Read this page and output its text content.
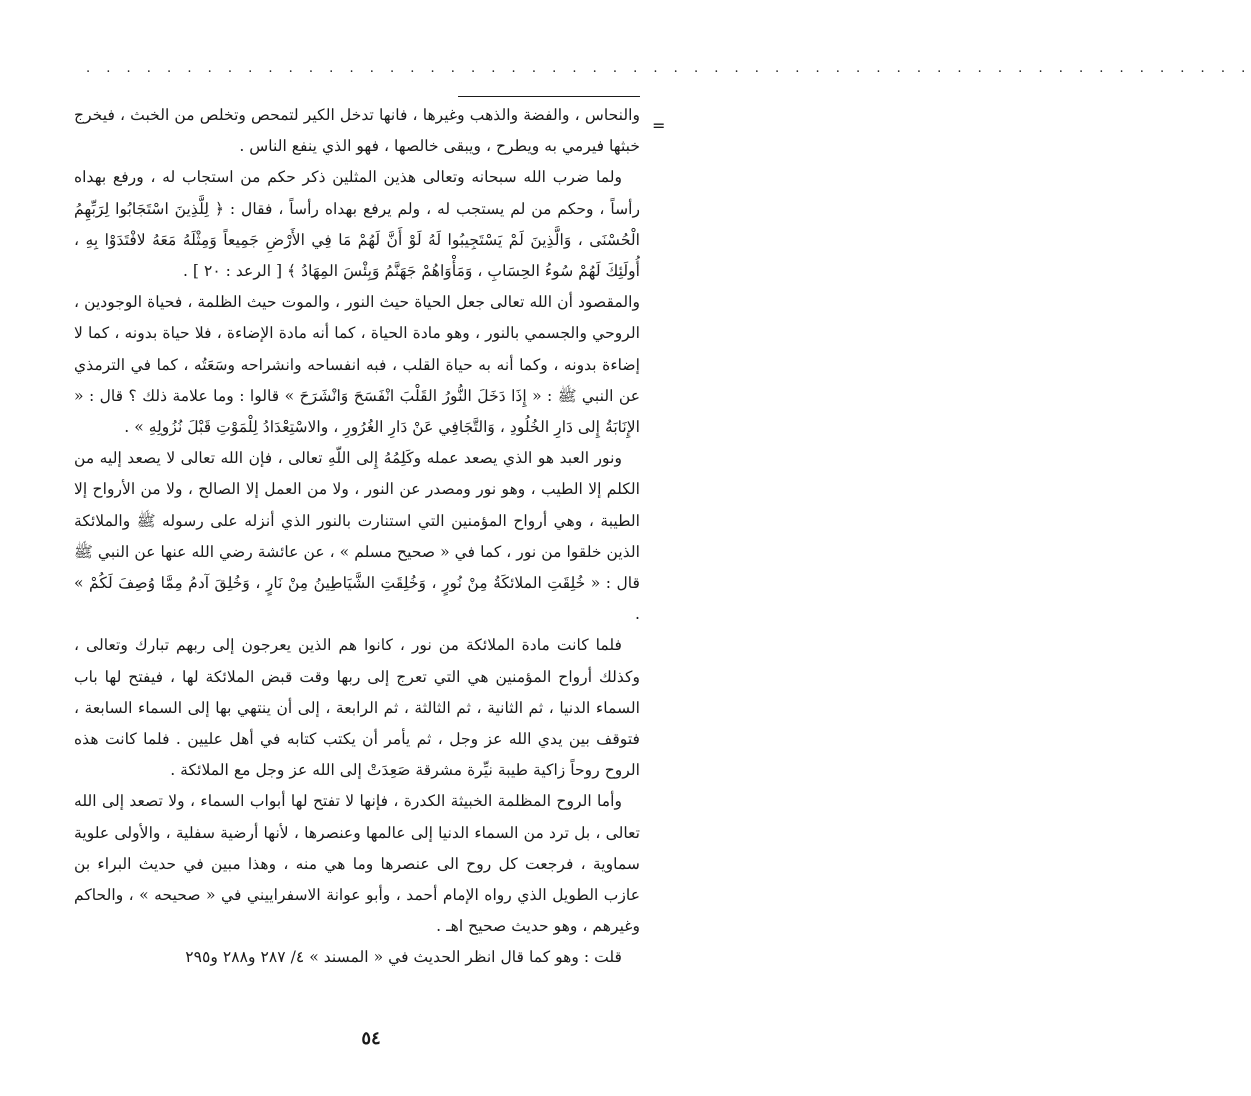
. . . . . . . . . . . . . . . . . . . . . . . . . . . . . . . . . . . . . . . . . . . . . . . . . . . . . . . . . .
=

والنحاس ، والفضة والذهب وغيرها ، فانها تدخل الكير لتمحص وتخلص من الخبث ، فيخرج خبثها فيرمي به ويطرح ، ويبقى خالصها ، فهو الذي ينفع الناس .

ولما ضرب الله سبحانه وتعالى هذين المثلين ذكر حكم من استجاب له ، ورفع بهداه رأساً ، وحكم من لم يستجب له ، ولم يرفع بهداه رأساً ، فقال : ﴿ لِلَّذِينَ اسْتَجَابُوا لِرَبِّهِمُ الْحُسْنَى ، وَالَّذِينَ لَمْ يَسْتَجِيبُوا لَهُ لَوْ أَنَّ لَهُمْ مَا فِي الأَرْضِ جَمِيعاً وَمِثْلَهُ مَعَهُ لافْتَدَوْا بِهِ ، أُولَئِكَ لَهُمْ سُوءُ الحِسَابِ ، وَمَأْوَاهُمْ جَهَنَّمُ وَبِئْسَ المِهَادُ ﴾ [ الرعد : ٢٠ ] .

والمقصود أن الله تعالى جعل الحياة حيث النور ، والموت حيث الظلمة ، فحياة الوجودين ، الروحي والجسمي بالنور ، وهو مادة الحياة ، كما أنه مادة الإضاءة ، فلا حياة بدونه ، كما لا إضاءة بدونه ، وكما أنه به حياة القلب ، فبه انفساحه وانشراحه وسَعَتُه ، كما في الترمذي عن النبي ﷺ : « إِذَا دَخَلَ النُّورُ القَلْبَ انْفَسَحَ وَانْشَرَحَ » قالوا : وما علامة ذلك ؟ قال : « الإِنَابَةُ إِلى دَارِ الخُلُودِ ، وَالتَّجَافِي عَنْ دَارِ الغُرُورِ ، والاسْتِعْدَادُ لِلْمَوْتِ قَبْلَ نُزُولِهِ » .

ونور العبد هو الذي يصعد عمله وكَلِمُهُ إِلى اللّهِ تعالى ، فإن الله تعالى لا يصعد إليه من الكلم إلا الطيب ، وهو نور ومصدر عن النور ، ولا من العمل إلا الصالح ، ولا من الأرواح إلا الطيبة ، وهي أرواح المؤمنين التي استنارت بالنور الذي أنزله على رسوله ﷺ والملائكة الذين خلقوا من نور ، كما في « صحيح مسلم » ، عن عائشة رضي الله عنها عن النبي ﷺ قال : « خُلِقَتِ الملائكَةُ مِنْ نُورٍ ، وَخُلِقَتِ الشَّيَاطِينُ مِنْ نَارٍ ، وَخُلِقَ آدمُ مِمَّا وُصِفَ لَكُمْ » .

فلما كانت مادة الملائكة من نور ، كانوا هم الذين يعرجون إلى ربهم تبارك وتعالى ، وكذلك أرواح المؤمنين هي التي تعرج إلى ربها وقت قبض الملائكة لها ، فيفتح لها باب السماء الدنيا ، ثم الثانية ، ثم الثالثة ، ثم الرابعة ، إلى أن ينتهي بها إلى السماء السابعة ، فتوقف بين يدي الله عز وجل ، ثم يأمر أن يكتب كتابه في أهل عليين . فلما كانت هذه الروح روحاً زاكية طيبة نيِّرة مشرقة صَعِدَتْ إلى الله عز وجل مع الملائكة .

وأما الروح المظلمة الخبيثة الكدرة ، فإنها لا تفتح لها أبواب السماء ، ولا تصعد إلى الله تعالى ، بل ترد من السماء الدنيا إلى عالمها وعنصرها ، لأنها أرضية سفلية ، والأولى علوية سماوية ، فرجعت كل روح الى عنصرها وما هي منه ، وهذا مبين في حديث البراء بن عازب الطويل الذي رواه الإمام أحمد ، وأبو عوانة الاسفراييني في « صحيحه » ، والحاكم وغيرهم ، وهو حديث صحيح اهـ .

قلت : وهو كما قال انظر الحديث في « المسند » ٤/ ٢٨٧ و٢٨٨ و٢٩٥

٥٤
